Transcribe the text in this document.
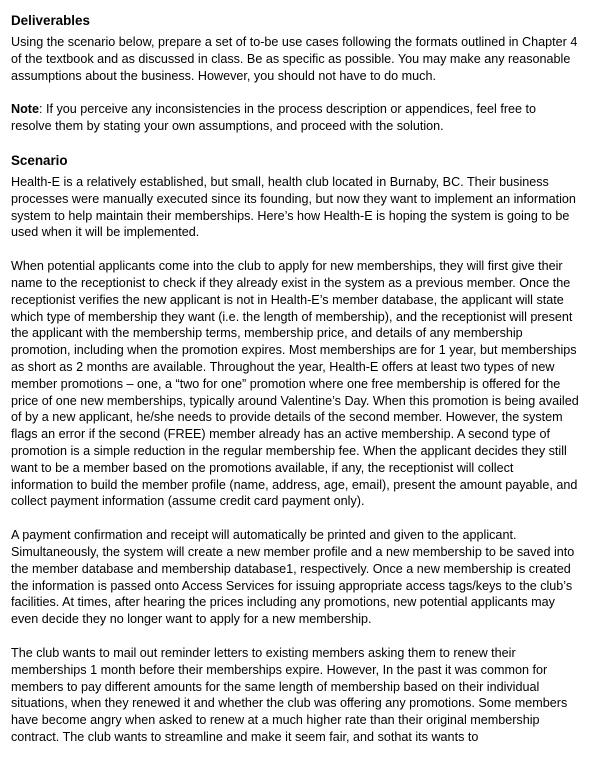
Deliverables

Using the scenario below, prepare a set of to-be use cases following the formats outlined in Chapter 4 of the textbook and as discussed in class. Be as specific as possible. You may make any reasonable assumptions about the business. However, you should not have to do much.

Note: If you perceive any inconsistencies in the process description or appendices, feel free to resolve them by stating your own assumptions, and proceed with the solution.

Scenario

Health-E is a relatively established, but small, health club located in Burnaby, BC. Their business processes were manually executed since its founding, but now they want to implement an information system to help maintain their memberships. Here’s how Health-E is hoping the system is going to be used when it will be implemented.

When potential applicants come into the club to apply for new memberships, they will first give their name to the receptionist to check if they already exist in the system as a previous member. Once the receptionist verifies the new applicant is not in Health-E’s member database, the applicant will state which type of membership they want (i.e. the length of membership), and the receptionist will present the applicant with the membership terms, membership price, and details of any membership promotion, including when the promotion expires. Most memberships are for 1 year, but memberships as short as 2 months are available. Throughout the year, Health-E offers at least two types of new member promotions – one, a “two for one” promotion where one free membership is offered for the price of one new memberships, typically around Valentine’s Day. When this promotion is being availed of by a new applicant, he/she needs to provide details of the second member. However, the system flags an error if the second (FREE) member already has an active membership. A second type of promotion is a simple reduction in the regular membership fee. When the applicant decides they still want to be a member based on the promotions available, if any, the receptionist will collect information to build the member profile (name, address, age, email), present the amount payable, and collect payment information (assume credit card payment only).

A payment confirmation and receipt will automatically be printed and given to the applicant. Simultaneously, the system will create a new member profile and a new membership to be saved into the member database and membership database1, respectively. Once a new membership is created the information is passed onto Access Services for issuing appropriate access tags/keys to the club’s facilities. At times, after hearing the prices including any promotions, new potential applicants may even decide they no longer want to apply for a new membership.

The club wants to mail out reminder letters to existing members asking them to renew their memberships 1 month before their memberships expire. However, In the past it was common for members to pay different amounts for the same length of membership based on their individual situations, when they renewed it and whether the club was offering any promotions. Some members have become angry when asked to renew at a much higher rate than their original membership contract. The club wants to streamline and make it seem fair, and sothat its wants to
